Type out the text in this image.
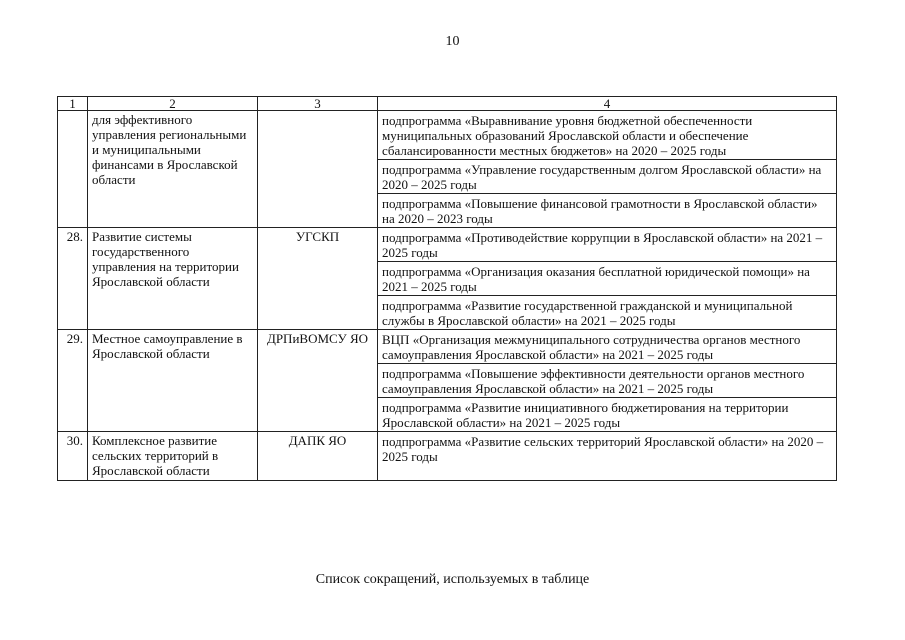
10
1	2	3	4
	для эффективного управления региональными и муниципальными финансами в Ярославской области		подпрограмма «Выравнивание уровня бюджетной обеспеченности муниципальных образований Ярославской области и обеспечение сбалансированности местных бюджетов» на 2020 – 2025 годы
подпрограмма «Управление государственным долгом Ярославской области» на 2020 – 2025 годы
подпрограмма «Повышение финансовой грамотности в Ярославской области» на 2020 – 2023 годы

28.	Развитие системы государственного управления на территории Ярославской области	УГСКП	подпрограмма «Противодействие коррупции в Ярославской области» на 2021 – 2025 годы
подпрограмма «Организация оказания бесплатной юридической помощи» на 2021 – 2025 годы
подпрограмма «Развитие государственной гражданской и муниципальной службы в Ярославской области» на 2021 – 2025 годы

29.	Местное самоуправление в Ярославской области	ДРПиВОМСУ ЯО	ВЦП «Организация межмуниципального сотрудничества органов местного самоуправления Ярославской области» на 2021 – 2025 годы
подпрограмма «Повышение эффективности деятельности органов местного самоуправления Ярославской области» на 2021 – 2025 годы
подпрограмма «Развитие инициативного бюджетирования на территории Ярославской области» на 2021 – 2025 годы

30.	Комплексное развитие сельских территорий в Ярославской области	ДАПК ЯО	подпрограмма «Развитие сельских территорий Ярославской области» на 2020 – 2025 годы
Список сокращений, используемых в таблице
